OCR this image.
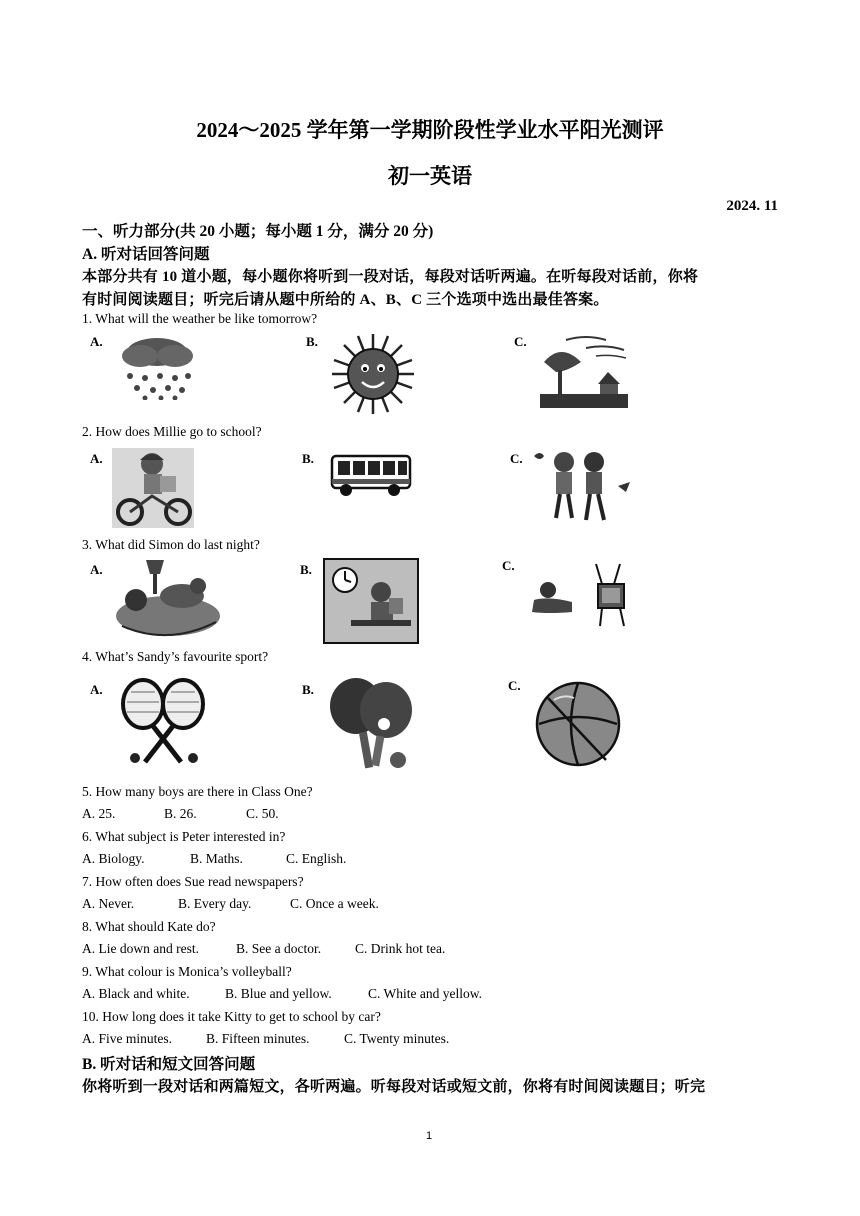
2024～2025 学年第一学期阶段性学业水平阳光测评
初一英语
2024. 11
一、听力部分(共 20 小题；每小题 1 分，满分 20 分)
A. 听对话回答问题
本部分共有 10 道小题，每小题你将听到一段对话，每段对话听两遍。在听每段对话前，你将
有时间阅读题目；听完后请从题中所给的 A、B、C 三个选项中选出最佳答案。
1. What will the weather be like tomorrow?
A.	B.	C.
2. How does Millie go to school?
A.	B.	C.
3. What did Simon do last night?
A.	B.	C.
4. What’s Sandy’s favourite sport?
A.	B.	C.
5. How many boys are there in Class One?
A. 25.	B. 26.	C. 50.
6. What subject is Peter interested in?
A. Biology.	B. Maths.	C. English.
7. How often does Sue read newspapers?
A. Never.	B. Every day.	C. Once a week.
8. What should Kate do?
A. Lie down and rest.	B. See a doctor.	C. Drink hot tea.
9. What colour is Monica’s volleyball?
A. Black and white.	B. Blue and yellow.	C. White and yellow.
10. How long does it take Kitty to get to school by car?
A. Five minutes.	B. Fifteen minutes.	C. Twenty minutes.
B. 听对话和短文回答问题
你将听到一段对话和两篇短文，各听两遍。听每段对话或短文前，你将有时间阅读题目；听完
1
